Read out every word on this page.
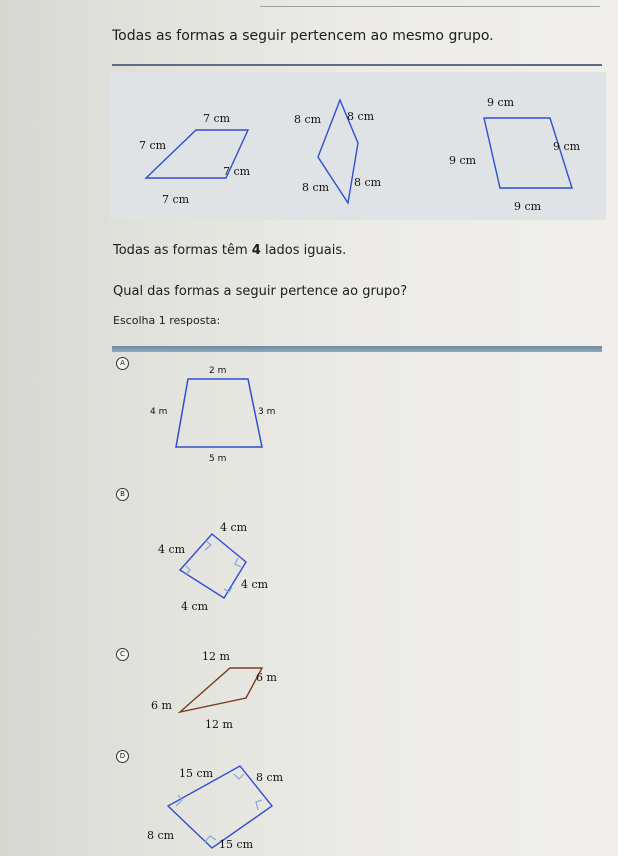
Todas as formas a seguir pertencem ao mesmo grupo.
7 cm
7 cm
7 cm
7 cm
8 cm 8 cm
8 cm 8 cm
9 cm
9 cm
9 cm
9 cm
Todas as formas têm 4 lados iguais.
Qual das formas a seguir pertence ao grupo?
Escolha 1 resposta:
A
B
C
D
2 m
4 m	3 m
5 m
4 cm
4 cm
4 cm
4 cm
12 m
6 m
6 m
12 m
15 cm	8 cm
8 cm
15 cm
